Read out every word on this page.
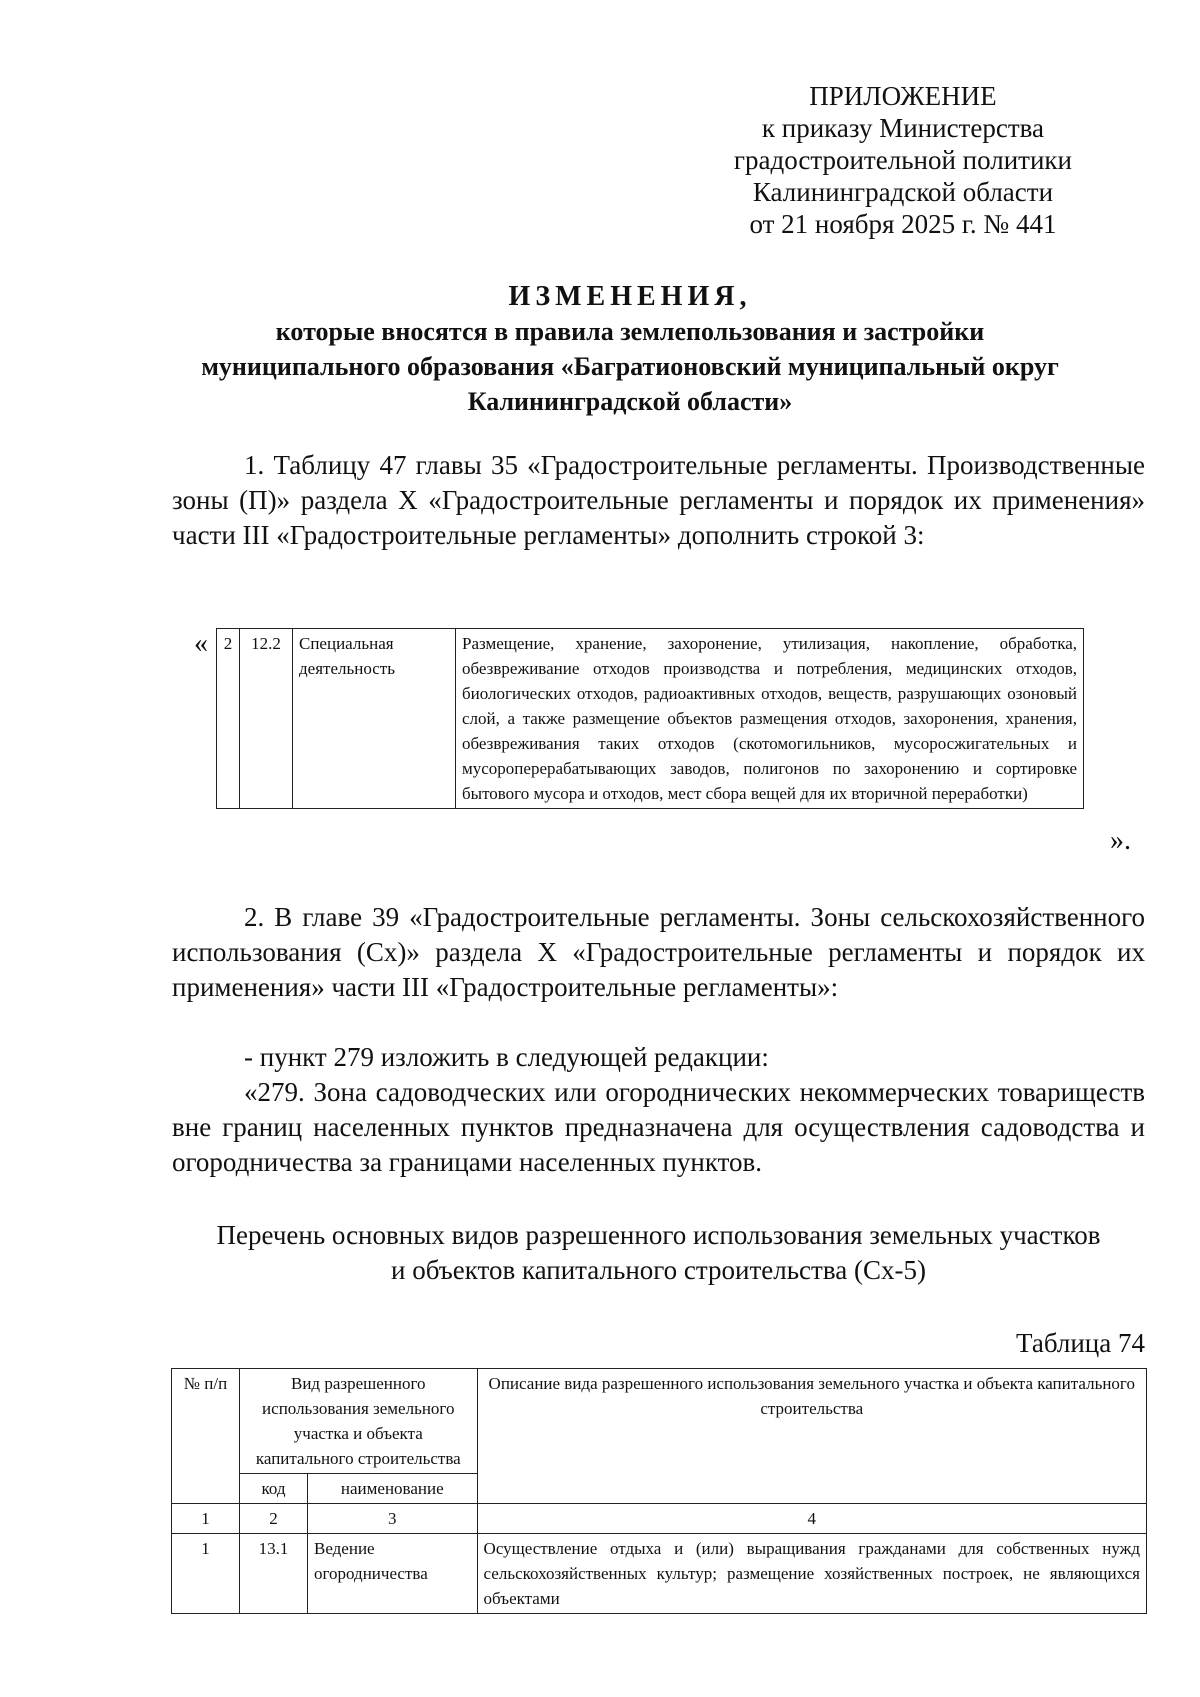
ПРИЛОЖЕНИЕ
к приказу Министерства
градостроительной политики
Калининградской области
от 21 ноября 2025 г. № 441
ИЗМЕНЕНИЯ,
которые вносятся в правила землепользования и застройки
муниципального образования «Багратионовский муниципальный округ
Калининградской области»
1. Таблицу 47 главы 35 «Градостроительные регламенты. Производственные зоны (П)» раздела X «Градостроительные регламенты и порядок их применения» части III «Градостроительные регламенты» дополнить строкой 3:
« 2	12.2	Специальная деятельность	Размещение, хранение, захоронение, утилизация, накопление, обработка, обезвреживание отходов производства и потребления, медицинских отходов, биологических отходов, радиоактивных отходов, веществ, разрушающих озоновый слой, а также размещение объектов размещения отходов, захоронения, хранения, обезвреживания таких отходов (скотомогильников, мусоросжигательных и мусороперерабатывающих заводов, полигонов по захоронению и сортировке бытового мусора и отходов, мест сбора вещей для их вторичной переработки)
».
2. В главе 39 «Градостроительные регламенты. Зоны сельскохозяйственного использования (Сх)» раздела X «Градостроительные регламенты и порядок их применения» части III «Градостроительные регламенты»:
- пункт 279 изложить в следующей редакции:
«279. Зона садоводческих или огороднических некоммерческих товариществ вне границ населенных пунктов предназначена для осуществления садоводства и огородничества за границами населенных пунктов.
Перечень основных видов разрешенного использования земельных участков
и объектов капитального строительства (Сх-5)
Таблица 74
№ п/п	Вид разрешенного использования земельного участка и объекта капитального строительства		Описание вида разрешенного использования земельного участка и объекта капитального строительства
	код	наименование	
1	2	3	4
1	13.1	Ведение огородничества	Осуществление отдыха и (или) выращивания гражданами для собственных нужд сельскохозяйственных культур; размещение хозяйственных построек, не являющихся объектами
